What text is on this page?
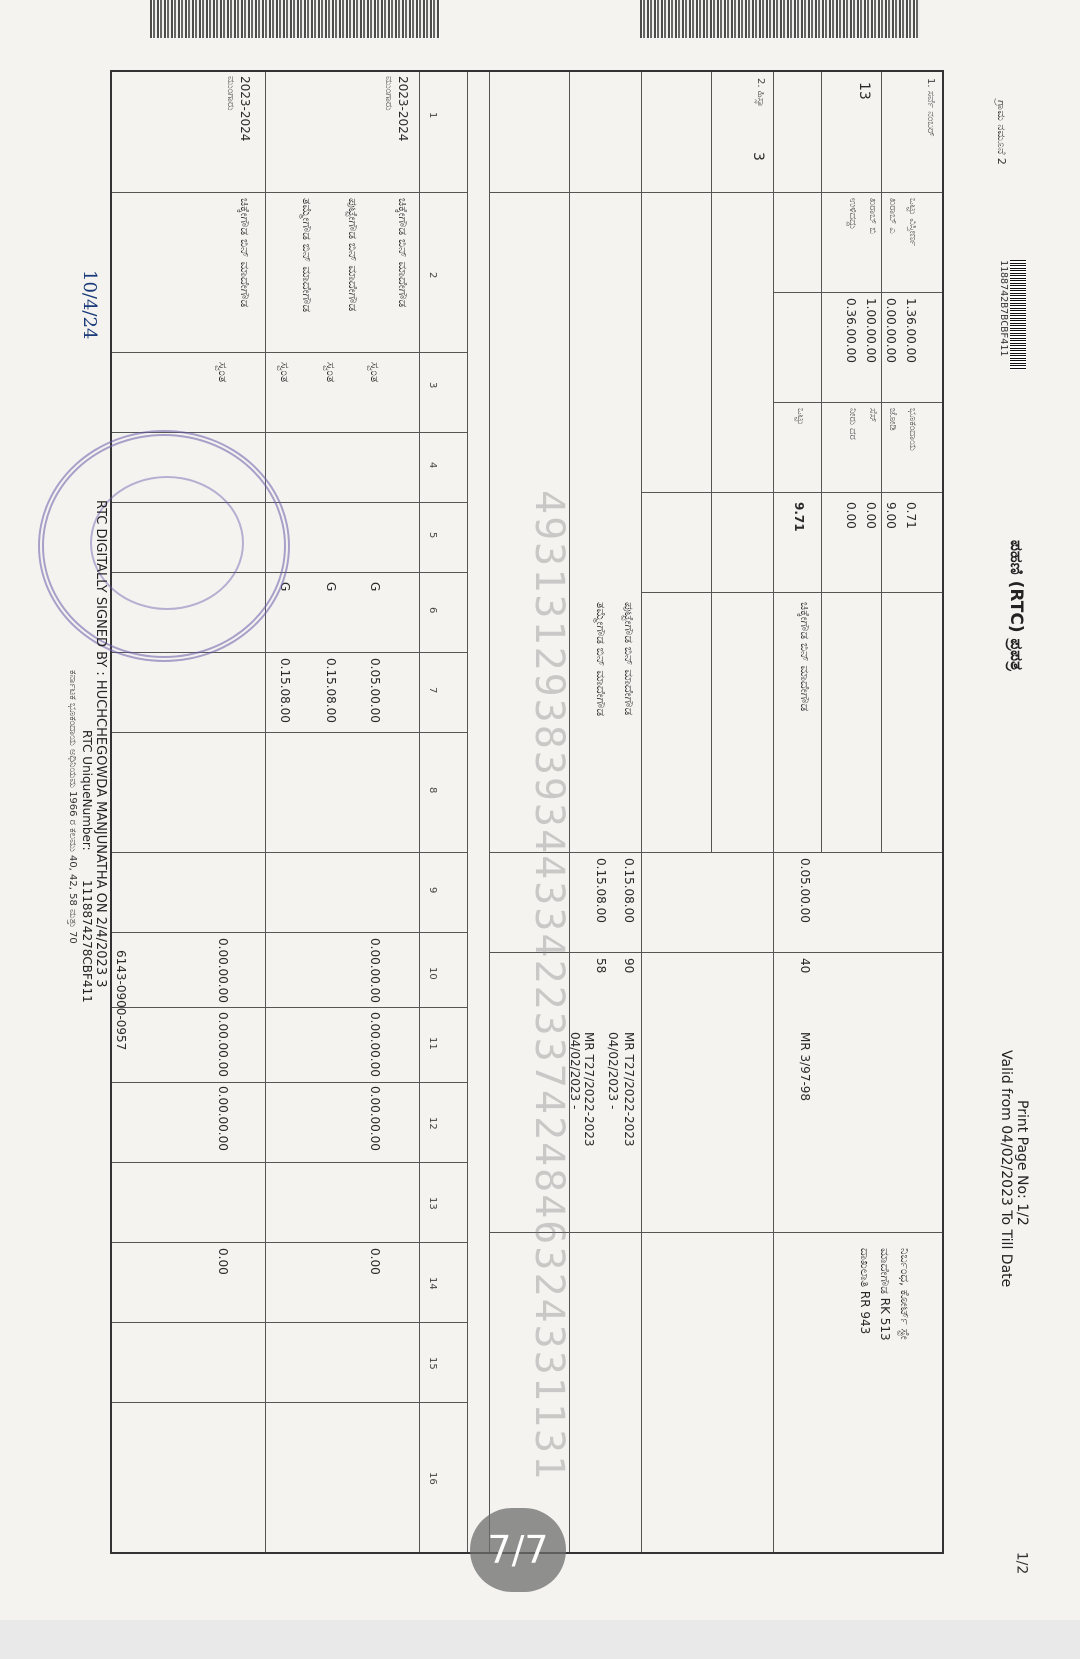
ಗ್ರಾಮ ನಮೂನೆ 2
1188742B7BCBF411
ಪಹಣಿ (RTC) ಪ್ರಪತ್ರ
Print Page No: 1/2
Valid from 04/02/2023 To Till Date
1. ಸರ್ವೆ ನಂಬರ್
13
2. ಹಿಸ್ಸಾ
3
ಒಟ್ಟು ವಿಸ್ತೀರ್ಣ
ಖರಾಬ್ ಎ
ಖರಾಬ್ ಬಿ
ಉಳಿದದ್ದು
1.36.00.00
0.00.00.00
1.00.00.00
0.36.00.00
ಭೂಕಂದಾಯ
ಜೋಡಿ
ಸೆಸ್
ನೀರು ದರ
0.71
9.00
0.00
0.00
ಒಟ್ಟು
9.71
ಚಿಕ್ಕೇಗೌಡ ಬಿನ್ ಮಾದೇಗೌಡ
0.05.00.00
40
MR 3/97-98
ಪುಟ್ಟೇಗೌಡ ಬಿನ್ ಮಾದೇಗೌಡ
0.15.08.00
90
MR T27/2022-2023
04/02/2023 -
ತಮ್ಮೇಗೌಡ ಬಿನ್ ಮಾದೇಗೌಡ
0.15.08.00
58
MR T27/2022-2023
04/02/2023 -
ನಿರ್ಬಂಧ, ಕೋರ್ಟ್ ಸ್ಟೇ
ಮಾದೇಗೌಡ RK 513
ದಾಖಲಾತಿ RR 943
1
2
3
4
5
6
7
8
9
10
11
12
13
14
15
16
2023-2024
ಮುಂಗಾರು
ಚಿಕ್ಕೇಗೌಡ ಬಿನ್ ಮಾದೇಗೌಡ
ಸ್ವಂತ
G
0.05.00.00
0.00.00.00
0.00.00.00
0.00.00.00
0.00
ಪುಟ್ಟೇಗೌಡ ಬಿನ್ ಮಾದೇಗೌಡ
ಸ್ವಂತ
G
0.15.08.00
ತಮ್ಮೇಗೌಡ ಬಿನ್ ಮಾದೇಗೌಡ
ಸ್ವಂತ
G
0.15.08.00
2023-2024
ಮುಂಗಾರು
ಚಿಕ್ಕೇಗೌಡ ಬಿನ್ ಮಾದೇಗೌಡ
ಸ್ವಂತ
0.00.00.00
0.00.00.00
0.00.00.00
0.00	49313129383934433422337424846324331131
RTC DIGITALLY SIGNED BY : HUCHCHEGOWDA MANJUNATHA ON 2/4/2023 3
6143-0900-0957
RTC UniqueNumber:
1118874278CBF411
ಕರ್ನಾಟಕ ಭೂಕಂದಾಯ ಅಧಿನಿಯಮ 1966 ರ ಕಲಮು 40, 42, 58 ಮತ್ತು 70
10/4/24
7/7	1/2
